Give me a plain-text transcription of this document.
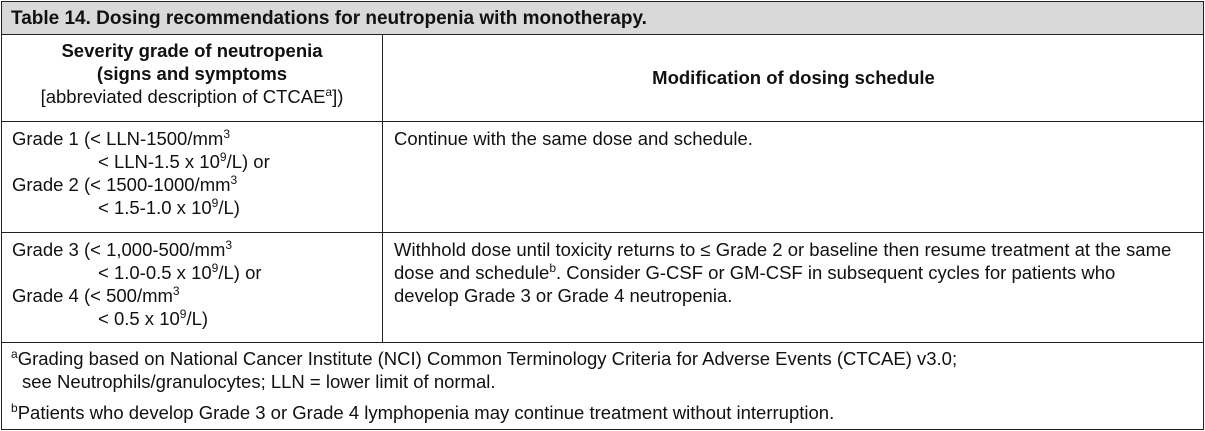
Table 14. Dosing recommendations for neutropenia with monotherapy.
Severity grade of neutropenia
(signs and symptoms
[abbreviated description of CTCAE$^a$])
Modification of dosing schedule
Grade 1 (< LLN-$1500/mm^3$
< LLN-1.5 x $10^9/L$) or
Grade 2 (< $1500-1000/mm^3$
< 1.5-1.0 x $10^9/L$)
Continue with the same dose and schedule.
Grade 3 (< $1,000-500/mm^3$
< 1.0-0.5 x $10^9/L$) or
Grade 4 (< $500/mm^3$
< 0.5 x $10^9/L$)
Withhold dose until toxicity returns to ≤ Grade 2 or baseline then resume treatment at the same dose and schedule$^b$. Consider G-CSF or GM-CSF in subsequent cycles for patients who develop Grade 3 or Grade 4 neutropenia.
$^a$Grading based on National Cancer Institute (NCI) Common Terminology Criteria for Adverse Events (CTCAE) v3.0;
see Neutrophils/granulocytes; LLN = lower limit of normal.
$^b$Patients who develop Grade 3 or Grade 4 lymphopenia may continue treatment without interruption.
